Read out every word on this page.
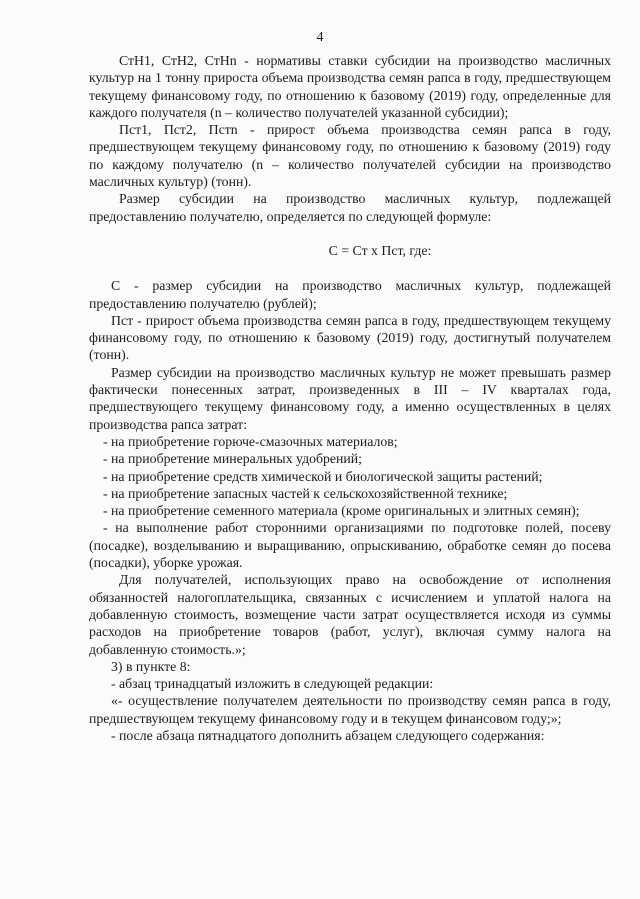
4

СтН1, СтН2, СтНn - нормативы ставки субсидии на производство масличных культур на 1 тонну прироста объема производства семян рапса в году, предшествующем текущему финансовому году, по отношению к базовому (2019) году, определенные для каждого получателя (n – количество получателей указанной субсидии);

Пст1, Пст2, Пстn - прирост объема производства семян рапса в году, предшествующем текущему финансовому году, по отношению к базовому (2019) году по каждому получателю (n – количество получателей субсидии на производство масличных культур) (тонн).

Размер субсидии на производство масличных культур, подлежащей предоставлению получателю, определяется по следующей формуле:

С = Ст х Пст, где:

С - размер субсидии на производство масличных культур, подлежащей предоставлению получателю (рублей);

Пст - прирост объема производства семян рапса в году, предшествующем текущему финансовому году, по отношению к базовому (2019) году, достигнутый получателем (тонн).

Размер субсидии на производство масличных культур не может превышать размер фактически понесенных затрат, произведенных в III – IV кварталах года, предшествующего текущему финансовому году, а именно осуществленных в целях производства рапса затрат:

- на приобретение горюче-смазочных материалов;

- на приобретение минеральных удобрений;

- на приобретение средств химической и биологической защиты растений;

- на приобретение запасных частей к сельскохозяйственной технике;

- на приобретение семенного материала (кроме оригинальных и элитных семян);

- на выполнение работ сторонними организациями по подготовке полей, посеву (посадке), возделыванию и выращиванию, опрыскиванию, обработке семян до посева (посадки), уборке урожая.

Для получателей, использующих право на освобождение от исполнения обязанностей налогоплательщика, связанных с исчислением и уплатой налога на добавленную стоимость, возмещение части затрат осуществляется исходя из суммы расходов на приобретение товаров (работ, услуг), включая сумму налога на добавленную стоимость.»;

3) в пункте 8:

- абзац тринадцатый изложить в следующей редакции:

«- осуществление получателем деятельности по производству семян рапса в году, предшествующем текущему финансовому году и в текущем финансовом году;»;

- после абзаца пятнадцатого дополнить абзацем следующего содержания:
